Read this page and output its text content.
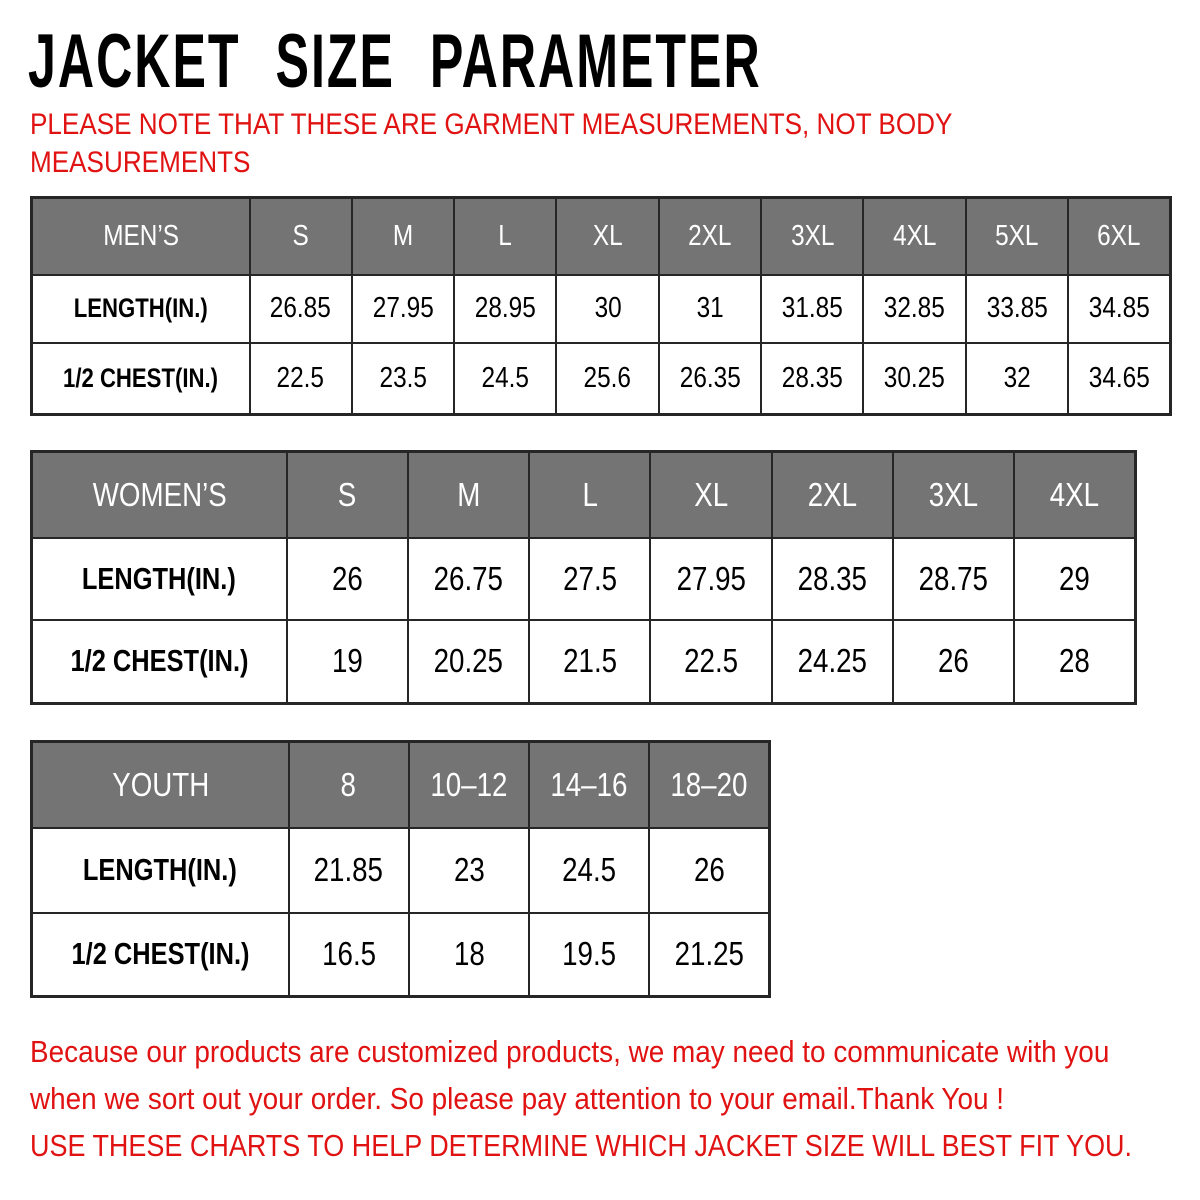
JACKET SIZE PARAMETER
PLEASE NOTE THAT THESE ARE GARMENT MEASUREMENTS, NOT BODY
MEASUREMENTS
MEN’S	S	M	L	XL	2XL	3XL	4XL	5XL	6XL
LENGTH(IN.)	26.85	27.95	28.95	30	31	31.85	32.85	33.85	34.85
1/2 CHEST(IN.)	22.5	23.5	24.5	25.6	26.35	28.35	30.25	32	34.65
WOMEN’S	S	M	L	XL	2XL	3XL	4XL
LENGTH(IN.)	26	26.75	27.5	27.95	28.35	28.75	29
1/2 CHEST(IN.)	19	20.25	21.5	22.5	24.25	26	28
YOUTH	8	10–12	14–16	18–20
LENGTH(IN.)	21.85	23	24.5	26
1/2 CHEST(IN.)	16.5	18	19.5	21.25
Because our products are customized products, we may need to communicate with you
when we sort out your order. So please pay attention to your email.Thank You !
USE THESE CHARTS TO HELP DETERMINE WHICH JACKET SIZE WILL BEST FIT YOU.
